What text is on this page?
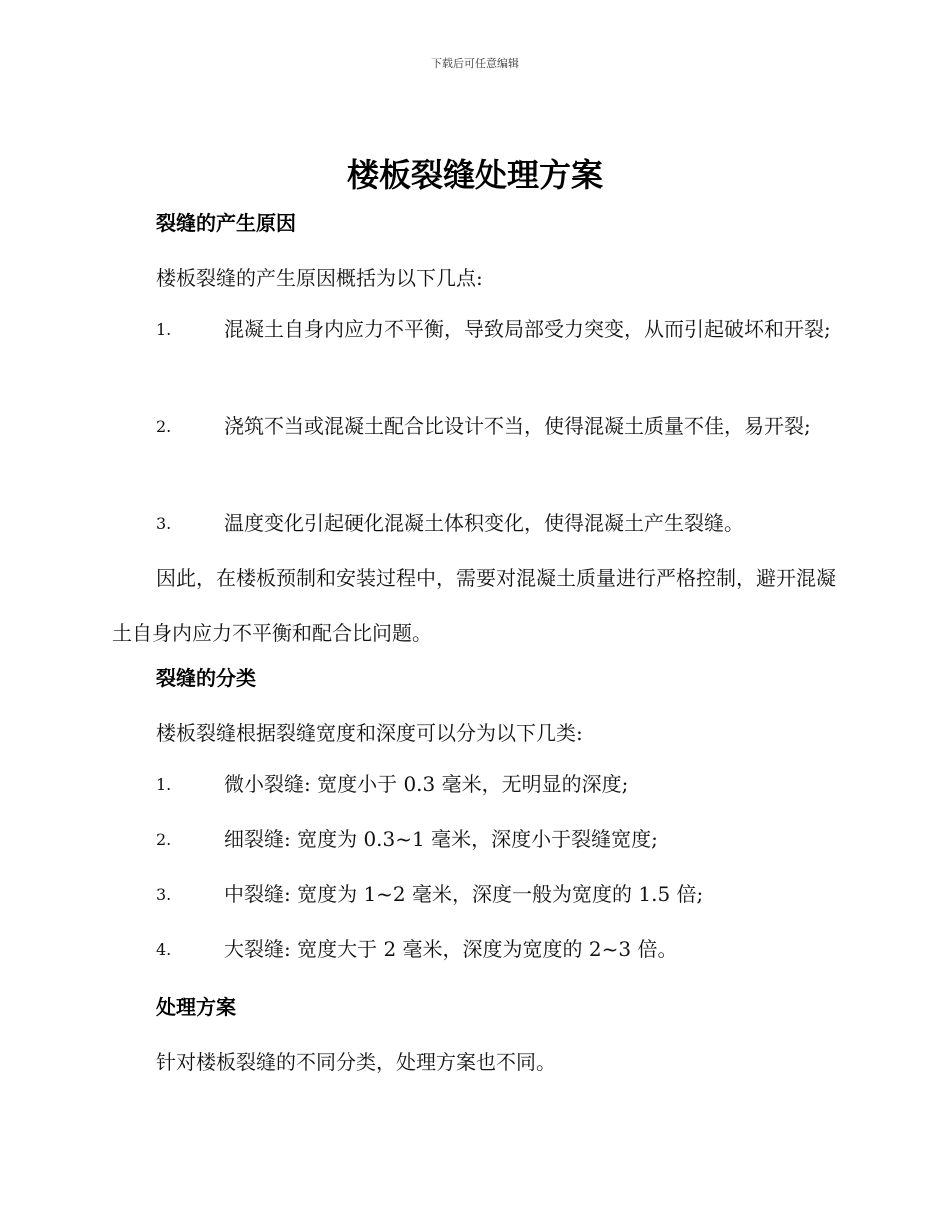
下载后可任意编辑
楼板裂缝处理方案
裂缝的产生原因
楼板裂缝的产生原因概括为以下几点:
1.	混凝土自身内应力不平衡，导致局部受力突变，从而引起破坏和开裂;
2.	浇筑不当或混凝土配合比设计不当，使得混凝土质量不佳，易开裂;
3.	温度变化引起硬化混凝土体积变化，使得混凝土产生裂缝。
因此，在楼板预制和安装过程中，需要对混凝土质量进行严格控制，避开混凝土自身内应力不平衡和配合比问题。
裂缝的分类
楼板裂缝根据裂缝宽度和深度可以分为以下几类:
1.	微小裂缝: 宽度小于 0.3 毫米，无明显的深度;
2.	细裂缝: 宽度为 0.3~1 毫米，深度小于裂缝宽度;
3.	中裂缝: 宽度为 1~2 毫米，深度一般为宽度的 1.5 倍;
4.	大裂缝: 宽度大于 2 毫米，深度为宽度的 2~3 倍。
处理方案
针对楼板裂缝的不同分类，处理方案也不同。
